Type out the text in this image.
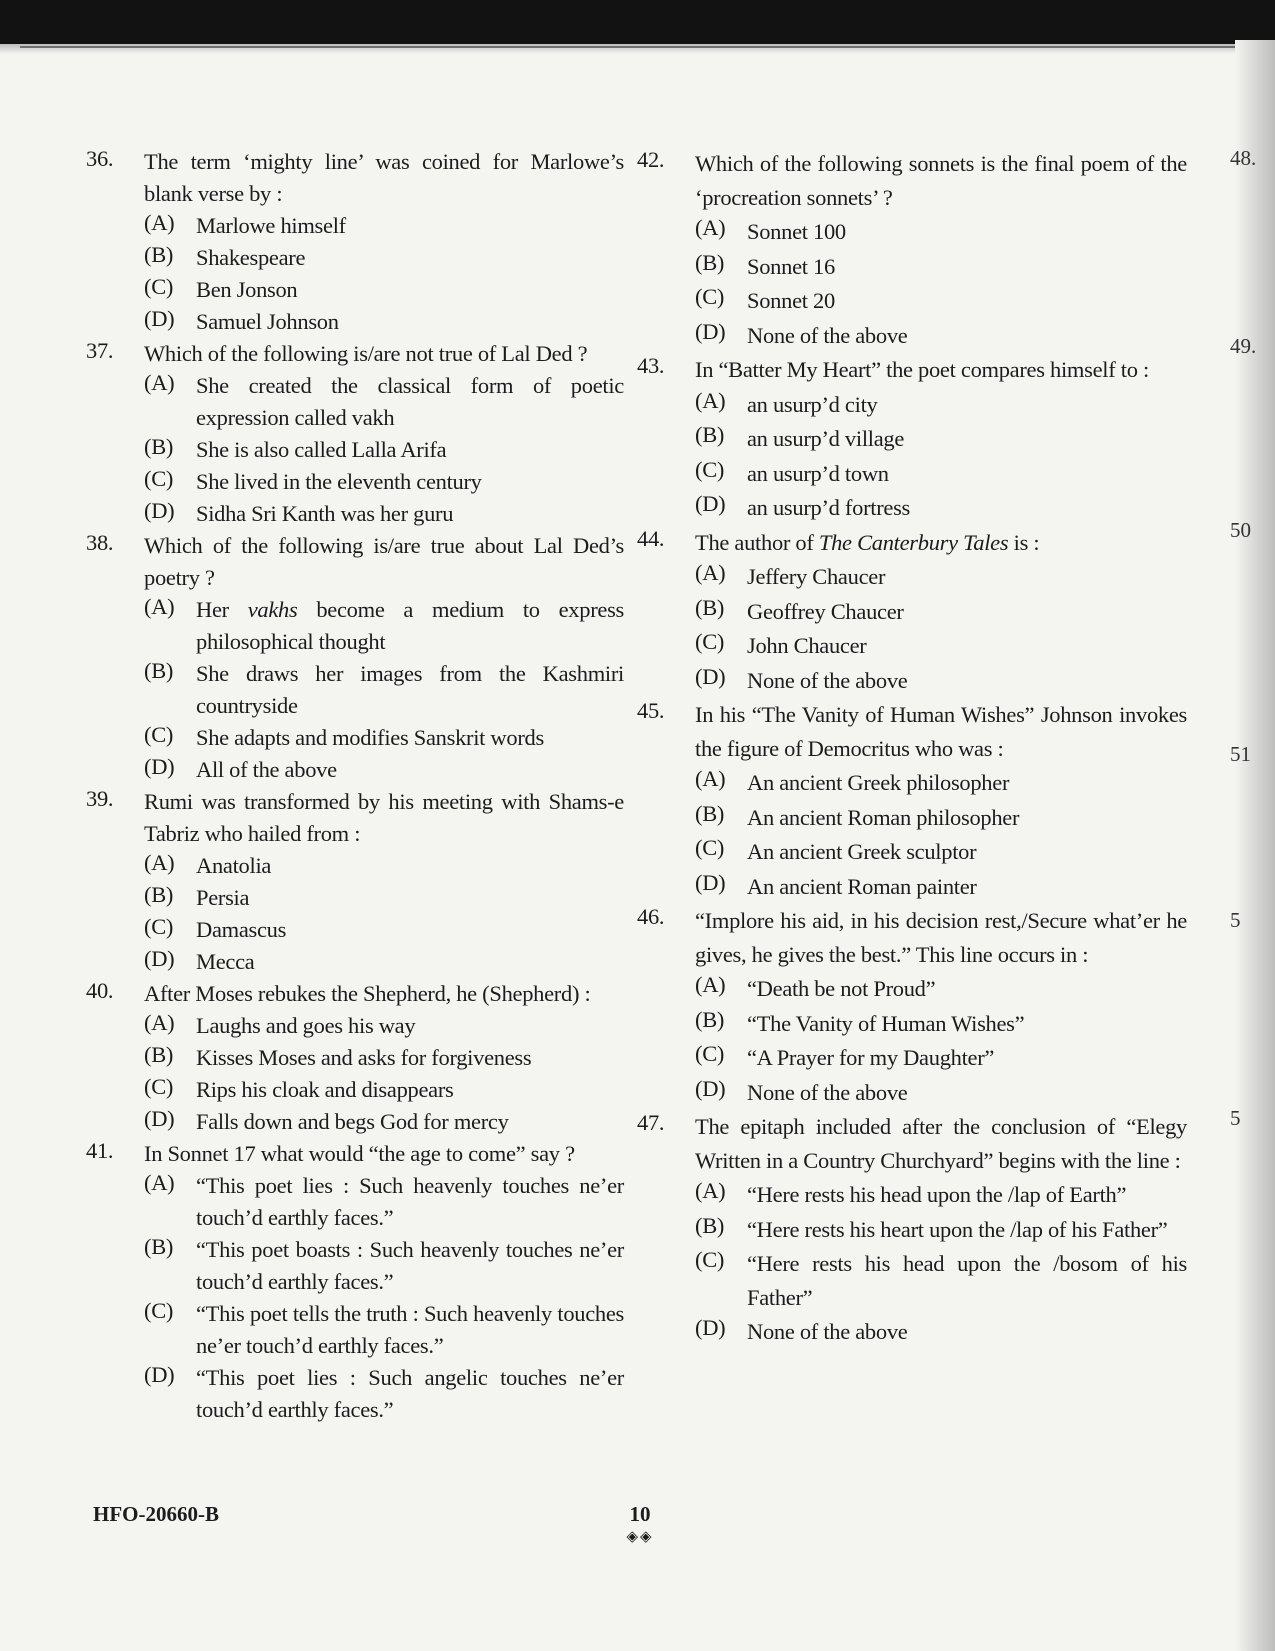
36. The term ‘mighty line’ was coined for Marlowe’s blank verse by :
(A) Marlowe himself
(B) Shakespeare
(C) Ben Jonson
(D) Samuel Johnson
37. Which of the following is/are not true of Lal Ded ?
(A) She created the classical form of poetic expression called vakh
(B) She is also called Lalla Arifa
(C) She lived in the eleventh century
(D) Sidha Sri Kanth was her guru
38. Which of the following is/are true about Lal Ded’s poetry ?
(A) Her vakhs become a medium to express philosophical thought
(B) She draws her images from the Kashmiri countryside
(C) She adapts and modifies Sanskrit words
(D) All of the above
39. Rumi was transformed by his meeting with Shams-e Tabriz who hailed from :
(A) Anatolia
(B) Persia
(C) Damascus
(D) Mecca
40. After Moses rebukes the Shepherd, he (Shepherd) :
(A) Laughs and goes his way
(B) Kisses Moses and asks for forgiveness
(C) Rips his cloak and disappears
(D) Falls down and begs God for mercy
41. In Sonnet 17 what would “the age to come” say ?
(A) “This poet lies : Such heavenly touches ne’er touch’d earthly faces.”
(B) “This poet boasts : Such heavenly touches ne’er touch’d earthly faces.”
(C) “This poet tells the truth : Such heavenly touches ne’er touch’d earthly faces.”
(D) “This poet lies : Such angelic touches ne’er touch’d earthly faces.”
42. Which of the following sonnets is the final poem of the ‘procreation sonnets’ ?
(A) Sonnet 100
(B) Sonnet 16
(C) Sonnet 20
(D) None of the above
43. In “Batter My Heart” the poet compares himself to :
(A) an usurp’d city
(B) an usurp’d village
(C) an usurp’d town
(D) an usurp’d fortress
44. The author of The Canterbury Tales is :
(A) Jeffery Chaucer
(B) Geoffrey Chaucer
(C) John Chaucer
(D) None of the above
45. In his “The Vanity of Human Wishes” Johnson invokes the figure of Democritus who was :
(A) An ancient Greek philosopher
(B) An ancient Roman philosopher
(C) An ancient Greek sculptor
(D) An ancient Roman painter
46. “Implore his aid, in his decision rest,/Secure what’er he gives, he gives the best.” This line occurs in :
(A) “Death be not Proud”
(B) “The Vanity of Human Wishes”
(C) “A Prayer for my Daughter”
(D) None of the above
47. The epitaph included after the conclusion of “Elegy Written in a Country Churchyard” begins with the line :
(A) “Here rests his head upon the /lap of Earth”
(B) “Here rests his heart upon the /lap of his Father”
(C) “Here rests his head upon the /bosom of his Father”
(D) None of the above
48.
49.
50
51
5
5
HFO-20660-B	10
◈◈
